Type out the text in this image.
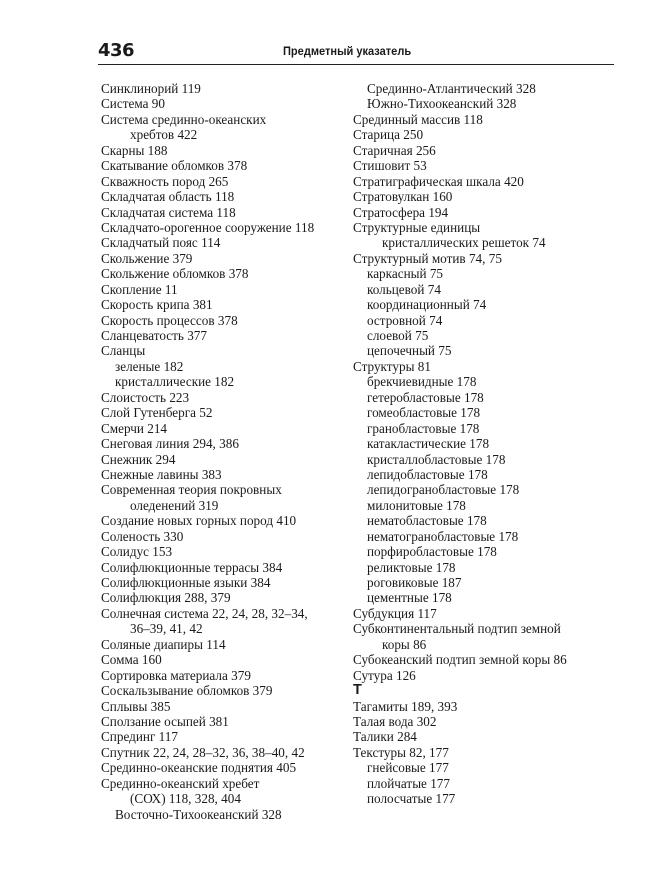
436	Предметный указатель
Синклинорий 119
Система 90
Система срединно-океанских
хребтов 422
Скарны 188
Скатывание обломков 378
Скважность пород 265
Складчатая область 118
Складчатая система 118
Складчато-орогенное сооружение 118
Складчатый пояс 114
Скольжение 379
Скольжение обломков 378
Скопление 11
Скорость крипа 381
Скорость процессов 378
Сланцеватость 377
Сланцы
зеленые 182
кристаллические 182
Слоистость 223
Слой Гутенберга 52
Смерчи 214
Снеговая линия 294, 386
Снежник 294
Снежные лавины 383
Современная теория покровных
оледенений 319
Создание новых горных пород 410
Соленость 330
Солидус 153
Солифлюкционные террасы 384
Солифлюкционные языки 384
Солифлюкция 288, 379
Солнечная система 22, 24, 28, 32–34,
36–39, 41, 42
Соляные диапиры 114
Сомма 160
Сортировка материала 379
Соскальзывание обломков 379
Сплывы 385
Сползание осыпей 381
Спрединг 117
Спутник 22, 24, 28–32, 36, 38–40, 42
Срединно-океанские поднятия 405
Срединно-океанский хребет
(СОХ) 118, 328, 404
Восточно-Тихоокеанский 328
Срединно-Атлантический 328
Южно-Тихоокеанский 328
Срединный массив 118
Старица 250
Старичная 256
Стишовит 53
Стратиграфическая шкала 420
Стратовулкан 160
Стратосфера 194
Структурные единицы
кристаллических решеток 74
Структурный мотив 74, 75
каркасный 75
кольцевой 74
координационный 74
островной 74
слоевой 75
цепочечный 75
Структуры 81
брекчиевидные 178
гетеробластовые 178
гомеобластовые 178
гранобластовые 178
катакластические 178
кристаллобластовые 178
лепидобластовые 178
лепидогранобластовые 178
милонитовые 178
нематобластовые 178
нематогранобластовые 178
порфиробластовые 178
реликтовые 178
роговиковые 187
цементные 178
Субдукция 117
Субконтинентальный подтип земной
коры 86
Субокеанский подтип земной коры 86
Сутура 126
Т
Тагамиты 189, 393
Талая вода 302
Талики 284
Текстуры 82, 177
гнейсовые 177
плойчатые 177
полосчатые 177
